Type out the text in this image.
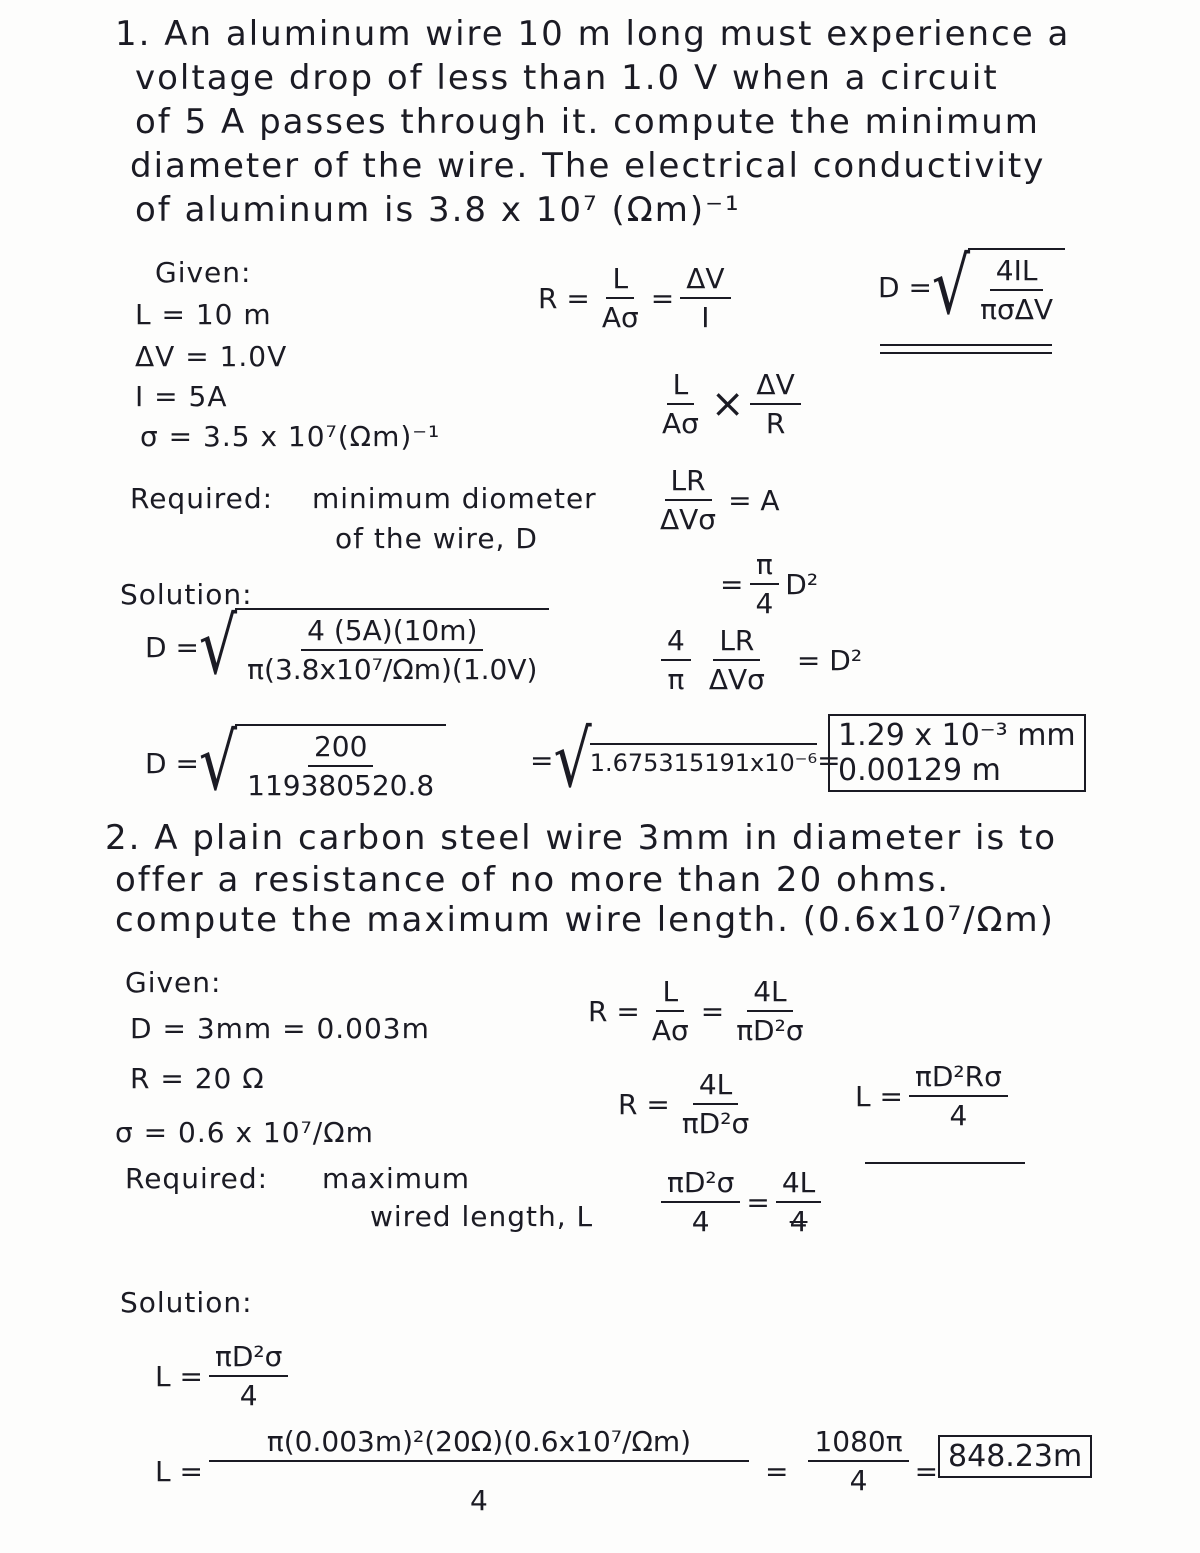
1. An aluminum wire 10 m long must experience a
voltage drop of less than 1.0 V when a circuit
of 5 A passes through it. compute the minimum
diameter of the wire. The electrical conductivity
of aluminum is 3.8 x 10⁷ (Ωm)⁻¹
Given:
L = 10 m
ΔV = 1.0V
I = 5A
σ = 3.5 x 10⁷(Ωm)⁻¹
Required: minimum diometer
of the wire, D
$R = \frac{L}{A\sigma} = \frac{\Delta V}{I}$	D = √ $\frac{4IL}{\text{πσΔV}}$
$\frac{L}{A\sigma}$ ⨯ $\frac{\Delta V}{R}$
$\frac{LR}{\text{ΔVσ}} = A$
= $\frac{\pi}{4} D^2$
$\frac{4}{\pi} \frac{LR}{\text{ΔVσ}} = D^2$
Solution:
D = √ $\frac{4 (5A)(10m)}{\text{π(3.8x10⁷/Ωm)(1.0V)}}$
D = √ $\frac{200}{119380520.8}$	= √
1.675315191x10⁻⁶ =
1.29 x 10⁻³ mm
0.00129 m
2. A plain carbon steel wire 3mm in diameter is to
offer a resistance of no more than 20 ohms.
compute the maximum wire length. (0.6x10⁷/Ωm)
Given:
D = 3mm = 0.003m
R = 20 Ω
σ = 0.6 x 10⁷/Ωm
Required: maximum
wired length, L
$R = \frac{L}{A\sigma} = \frac{4L}{\text{πD²σ}}$
$R = \frac{4L}{\text{πD²σ}}$	$L = \frac{\text{πD²Rσ}}{4}$
$\frac{\text{πD²σ}}{4} = \frac{4L}{4}$
Solution:
$L = \frac{\text{πD²σ}}{4}$
$L = \frac{\text{π(0.003m)²(20Ω)(0.6x10⁷/Ωm)}}{4} = \frac{1080\pi}{4} = 848.23m$
